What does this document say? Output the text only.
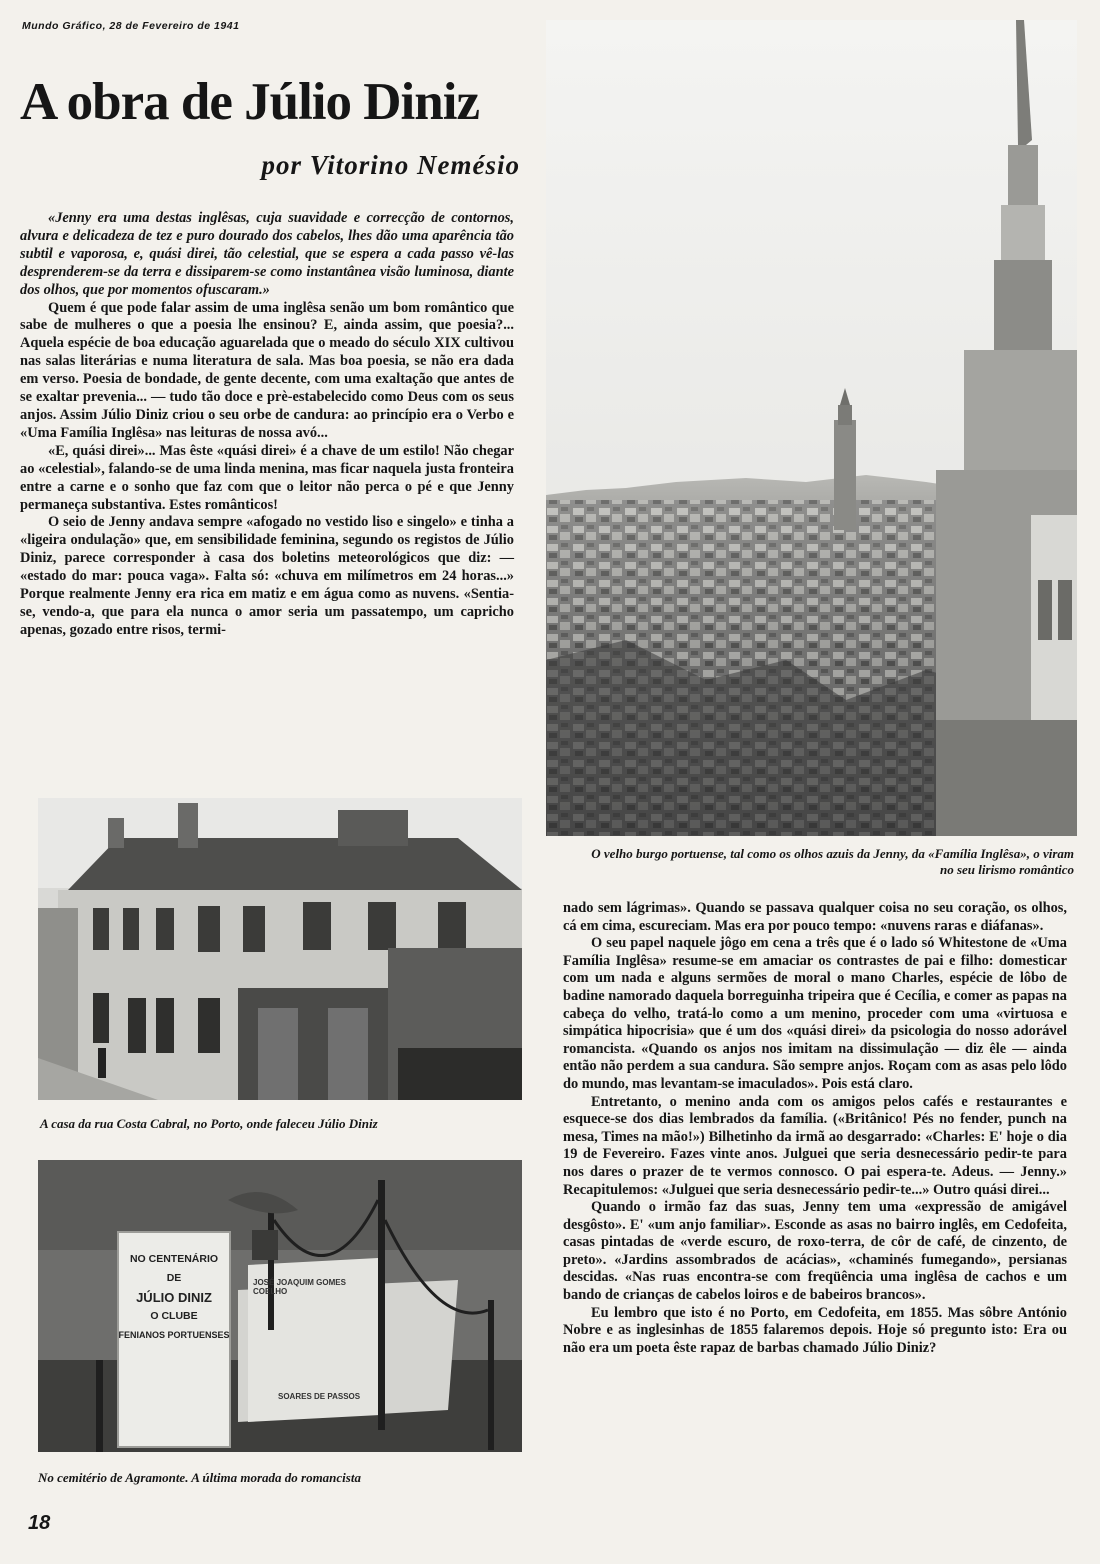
Mundo Gráfico, 28 de Fevereiro de 1941
A obra de Júlio Diniz
por Vitorino Nemésio

«Jenny era uma destas inglêsas, cuja suavidade e correcção de contornos, alvura e delicadeza de tez e puro dourado dos cabelos, lhes dão uma aparência tão subtil e vaporosa, e, quási direi, tão celestial, que se espera a cada passo vê-las desprenderem-se da terra e dissiparem-se como instantânea visão luminosa, diante dos olhos, que por momentos ofuscaram.»

Quem é que pode falar assim de uma inglêsa senão um bom romântico que sabe de mulheres o que a poesia lhe ensinou? E, ainda assim, que poesia?... Aquela espécie de boa educação aguarelada que o meado do século XIX cultivou nas salas literárias e numa literatura de sala. Mas boa poesia, se não era dada em verso. Poesia de bondade, de gente decente, com uma exaltação que antes de se exaltar prevenia... — tudo tão doce e prè-estabelecido como Deus com os seus anjos. Assim Júlio Diniz criou o seu orbe de candura: ao princípio era o Verbo e «Uma Família Inglêsa» nas leituras de nossa avó...

«E, quási direi»... Mas êste «quási direi» é a chave de um estilo! Não chegar ao «celestial», falando-se de uma linda menina, mas ficar naquela justa fronteira entre a carne e o sonho que faz com que o leitor não perca o pé e que Jenny permaneça substantiva. Estes românticos!

O seio de Jenny andava sempre «afogado no vestido liso e singelo» e tinha a «ligeira ondulação» que, em sensibilidade feminina, segundo os registos de Júlio Diniz, parece corresponder à casa dos boletins meteorológicos que diz: — «estado do mar: pouca vaga». Falta só: «chuva em milímetros em 24 horas...» Porque realmente Jenny era rica em matiz e em água como as nuvens. «Sentia-se, vendo-a, que para ela nunca o amor seria um passatempo, um capricho apenas, gozado entre risos, termi-

O velho burgo portuense, tal como os olhos azuis da Jenny, da «Família Inglêsa», o viram no seu lirismo romântico
A casa da rua Costa Cabral, no Porto, onde faleceu Júlio Diniz
NO CENTENÁRIO
DE
JÚLIO DINIZ
O CLUBE
FENIANOS PORTUENSES
JOSÉ JOAQUIM GOMES COELHO
SOARES DE PASSOS
No cemitério de Agramonte. A última morada do romancista

nado sem lágrimas». Quando se passava qualquer coisa no seu coração, os olhos, cá em cima, escureciam. Mas era por pouco tempo: «nuvens raras e diáfanas».

O seu papel naquele jôgo em cena a três que é o lado só Whitestone de «Uma Família Inglêsa» resume-se em amaciar os contrastes de pai e filho: domesticar com um nada e alguns sermões de moral o mano Charles, espécie de lôbo de badine namorado daquela borreguinha tripeira que é Cecília, e comer as papas na cabeça do velho, tratá-lo como a um menino, proceder com uma «virtuosa e simpática hipocrisia» que é um dos «quási direi» da psicologia do nosso adorável romancista. «Quando os anjos nos imitam na dissimulação — diz êle — ainda então não perdem a sua candura. São sempre anjos. Roçam com as asas pelo lôdo do mundo, mas levantam-se imaculados». Pois está claro.

Entretanto, o menino anda com os amigos pelos cafés e restaurantes e esquece-se dos dias lembrados da família. («Britânico! Pés no fender, punch na mesa, Times na mão!») Bilhetinho da irmã ao desgarrado: «Charles: E' hoje o dia 19 de Fevereiro. Fazes vinte anos. Julguei que seria desnecessário pedir-te para nos dares o prazer de te vermos connosco. O pai espera-te. Adeus. — Jenny.» Recapitulemos: «Julguei que seria desnecessário pedir-te...» Outro quási direi...

Quando o irmão faz das suas, Jenny tem uma «expressão de amigável desgôsto». E' «um anjo familiar». Esconde as asas no bairro inglês, em Cedofeita, casas pintadas de «verde escuro, de roxo-terra, de côr de café, de cinzento, de preto». «Jardins assombrados de acácias», «chaminés fumegando», persianas descidas. «Nas ruas encontra-se com freqüência uma inglêsa de cachos e um bando de crianças de cabelos loiros e de babeiros brancos».

Eu lembro que isto é no Porto, em Cedofeita, em 1855. Mas sôbre António Nobre e as inglesinhas de 1855 falaremos depois. Hoje só pregunto isto: Era ou não era um poeta êste rapaz de barbas chamado Júlio Diniz?

18
